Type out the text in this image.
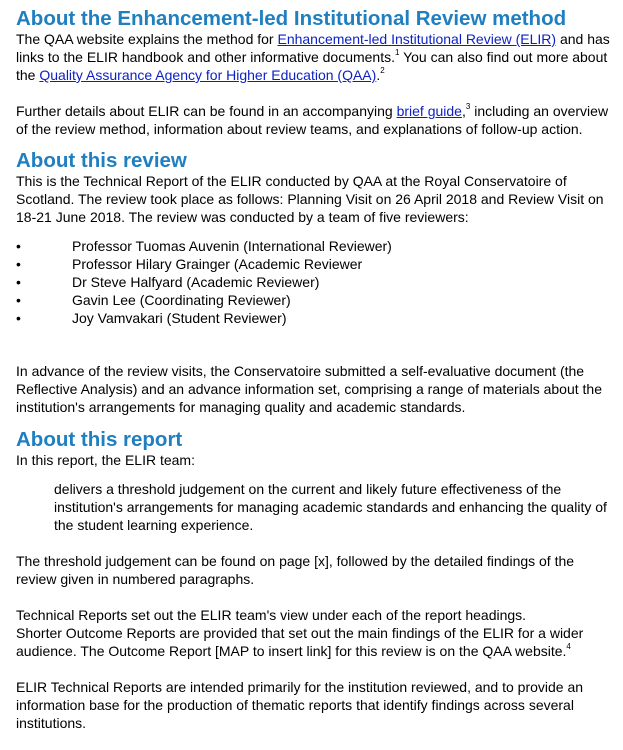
About the Enhancement-led Institutional Review method

The QAA website explains the method for Enhancement-led Institutional Review (ELIR) and has links to the ELIR handbook and other informative documents.$^1$ You can also find out more about the Quality Assurance Agency for Higher Education (QAA).$^2$

Further details about ELIR can be found in an accompanying brief guide,$^3$ including an overview of the review method, information about review teams, and explanations of follow-up action.

About this review

This is the Technical Report of the ELIR conducted by QAA at the Royal Conservatoire of Scotland. The review took place as follows: Planning Visit on 26 April 2018 and Review Visit on 18-21 June 2018. The review was conducted by a team of five reviewers:

•	Professor Tuomas Auvenin (International Reviewer)
•	Professor Hilary Grainger (Academic Reviewer
•	Dr Steve Halfyard (Academic Reviewer)
•	Gavin Lee (Coordinating Reviewer)
•	Joy Vamvakari (Student Reviewer)

In advance of the review visits, the Conservatoire submitted a self-evaluative document (the Reflective Analysis) and an advance information set, comprising a range of materials about the institution's arrangements for managing quality and academic standards.

About this report

In this report, the ELIR team:

delivers a threshold judgement on the current and likely future effectiveness of the institution's arrangements for managing academic standards and enhancing the quality of the student learning experience.

The threshold judgement can be found on page [x], followed by the detailed findings of the review given in numbered paragraphs.

Technical Reports set out the ELIR team's view under each of the report headings.
Shorter Outcome Reports are provided that set out the main findings of the ELIR for a wider audience. The Outcome Report [MAP to insert link] for this review is on the QAA website.$^4$

ELIR Technical Reports are intended primarily for the institution reviewed, and to provide an information base for the production of thematic reports that identify findings across several institutions.
